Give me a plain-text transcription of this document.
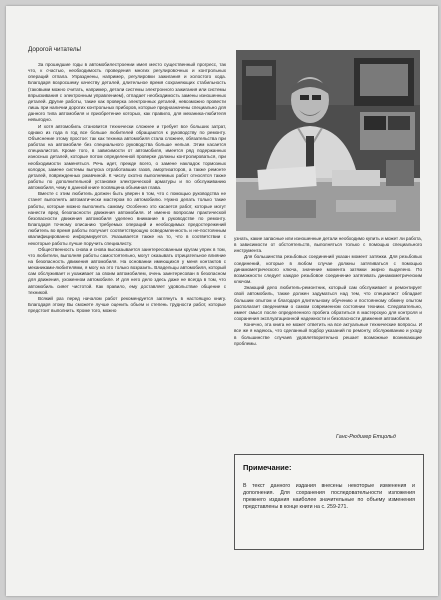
Дорогой читатель!

За прошедшие годы в автомобилестроении имел место существенный прогресс, так что, к счастью, необходимость проведения многих регулировочных и контрольных операций отпала. Упразднены, например, регулировки зажигания и холостого хода. Благодаря возросшему качеству деталей, длительное время сохраняющих стабильность (таковыми можно считать, например, детали системы электронного зажигания или системы впрыскивания с электронным управлением), отпадает необходимость замены изношенных деталей. Другие работы, такие как проверка электронных деталей, невозможно провести лишь при наличии дорогих контрольных приборов, которые предназначены специально для данного типа автомобиля и приобретение которых, как правило, для механика-любителя невыгодно.

И хотя автомобиль становится технически сложнее и требует все больших затрат, однако из года в год все больше любителей обращаются к руководству по ремонту. Объяснение этому простое: так как техника автомобиля стала сложнее, обязательства при работах на автомобиле без специального руководства больше нельзя. Этим касается специалистов. Кроме того, в зависимости от автомобиля, имеется ряд подержанных износных деталей, которые потом определенной проверке должны контролироваться, при необходимости заменяться. Речь идет, прежде всего, о замене накладок тормозных колодок, замене системы выпуска отработавших газов, амортизаторов, а также ремонте деталей, поврежденных ржавчиной. К числу охотно выполняемых работ относятся также работы по дополнительной установке электрической арматуры и по обслуживанию автомобиля, чему в данной книге посвящена объемная глава.

Вместе с этим любитель должен быть уверен в том, что с помощью руководства не станет выполнять автоматически мастером по автомобилю. Нужно делать только такие работы, которые можно выполнить самому. Особенно это касается работ, которые могут нанести вред безопасности движения автомобиля. И именно вопросам практической безопасности движения автомобиля уделено внимание в руководстве по ремонту. Благодаря точному описанию требуемых операций и необходимых предостережений любитель во время работы получает соответствующую осведомленность и не-постоянным квалифицированно информируется. Указывается также на то, что в соответствии с некоторые работы лучше поручить специалисту.

Общественность снова и снова высказывается заинтересованным кругам упрек в том, что любители, выполняя работы самостоятельно, могут оказывать отрицательное влияние на безопасность движения автомобиля. На основании имеющихся у меня контактов с механиками-любителями, я могу на это только возразить. Владельцы автомобиля, который сам обслуживает и ухаживает за своим автомобилем, очень заинтересован в безопасном для движения, ухоженном автомобиле. И для него дело здесь даже не всегда в том, что автомобиль сияет чистотой. Как правило, ему доставляет удовольствие общение с техникой.

Всякий раз перед началом работ рекомендуется заглянуть в настоящую книгу. Благодаря этому Вы сможете лучше оценить объем и степень трудности работ, которые предстоит выполнить. Кроме того, можно

узнать, какие запасные или изношенные детали необходимо купить и может ли работа, в зависимости от обстоятельств, выполняться только с помощью специального инструмента.

Для большинства резьбовых соединений указан момент затяжки. Для резьбовых соединений, которые в любом случае должны затягиваться с помощью динамометрического ключа, значение момента затяжки жирно выделено. По возможности следует каждое резьбовое соединение затягивать динамометрическим ключом.

Знающий дело любитель-ремонтник, который сам обслуживает и ремонтирует свой автомобиль, также должен задуматься над тем, что специалист обладает большим опытом и благодаря длительному обучению и постоянному обмену опытом располагает сведениями о самом современном состоянии техники. Следовательно, имеет смысл после определенного пробега обратиться в мастерскую для контроля и сохранения эксплуатационной надежности и безопасности движения автомобиля.

Конечно, эта книга не может ответить на все актуальные технические вопросы. И все же я надеюсь, что сделанный подбор указаний по ремонту, обслуживанию и уходу в большинстве случаев удовлетворительно решает возможные возникающие проблемы.

Ганс-Рюдигер Етцольд
Примечание:
В текст данного издания внесены некоторые изменения и дополнения. Для сохранения последовательности изложения прежнего издания наиболее значительные по объему изменения представлены в конце книги на с. 259-271.
